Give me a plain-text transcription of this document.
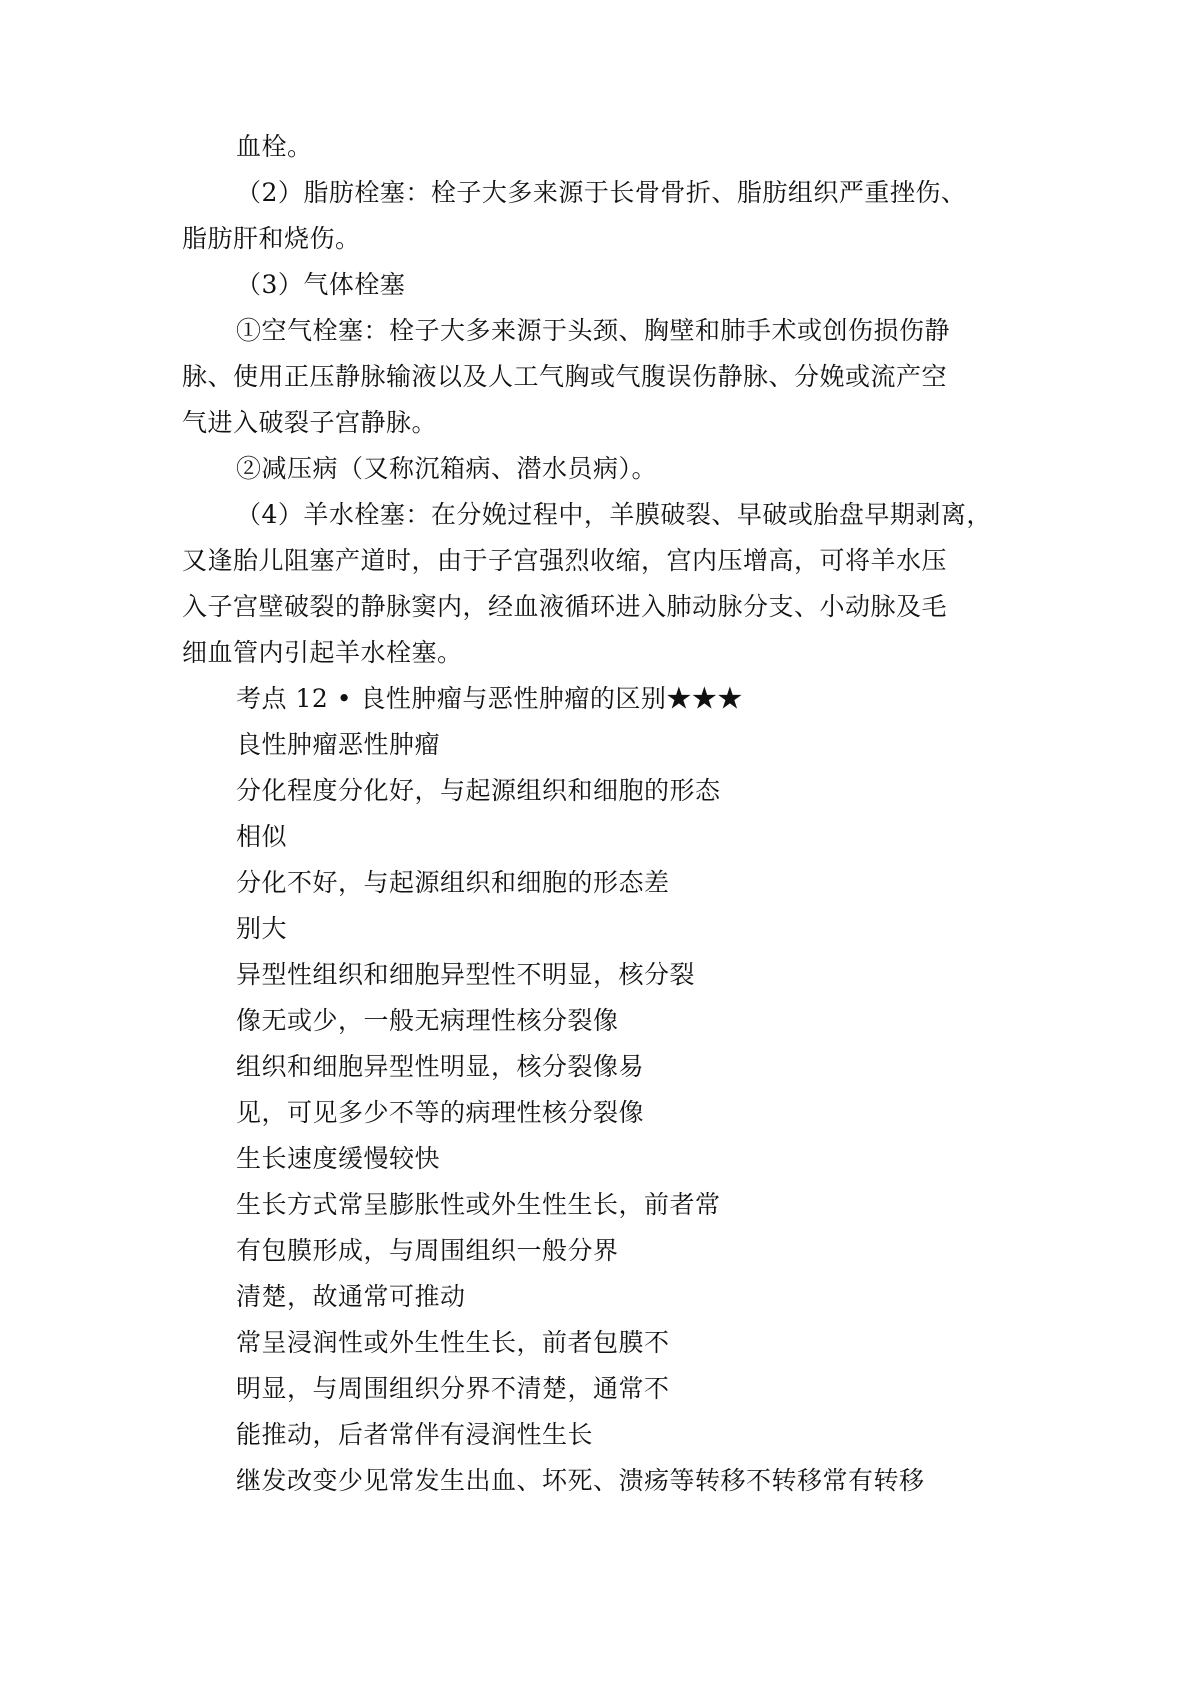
血栓。
（2）脂肪栓塞：栓子大多来源于长骨骨折、脂肪组织严重挫伤、
脂肪肝和烧伤。
（3）气体栓塞
①空气栓塞：栓子大多来源于头颈、胸壁和肺手术或创伤损伤静
脉、使用正压静脉输液以及人工气胸或气腹误伤静脉、分娩或流产空
气进入破裂子宫静脉。
②减压病（又称沉箱病、潜水员病）。
（4）羊水栓塞：在分娩过程中，羊膜破裂、早破或胎盘早期剥离，
又逢胎儿阻塞产道时，由于子宫强烈收缩，宫内压增高，可将羊水压
入子宫壁破裂的静脉窦内，经血液循环进入肺动脉分支、小动脉及毛
细血管内引起羊水栓塞。
考点 12 • 良性肿瘤与恶性肿瘤的区别★★★
良性肿瘤恶性肿瘤
分化程度分化好，与起源组织和细胞的形态
相似
分化不好，与起源组织和细胞的形态差
别大
异型性组织和细胞异型性不明显，核分裂
像无或少，一般无病理性核分裂像
组织和细胞异型性明显，核分裂像易
见，可见多少不等的病理性核分裂像
生长速度缓慢较快
生长方式常呈膨胀性或外生性生长，前者常
有包膜形成，与周围组织一般分界
清楚，故通常可推动
常呈浸润性或外生性生长，前者包膜不
明显，与周围组织分界不清楚，通常不
能推动，后者常伴有浸润性生长
继发改变少见常发生出血、坏死、溃疡等转移不转移常有转移
